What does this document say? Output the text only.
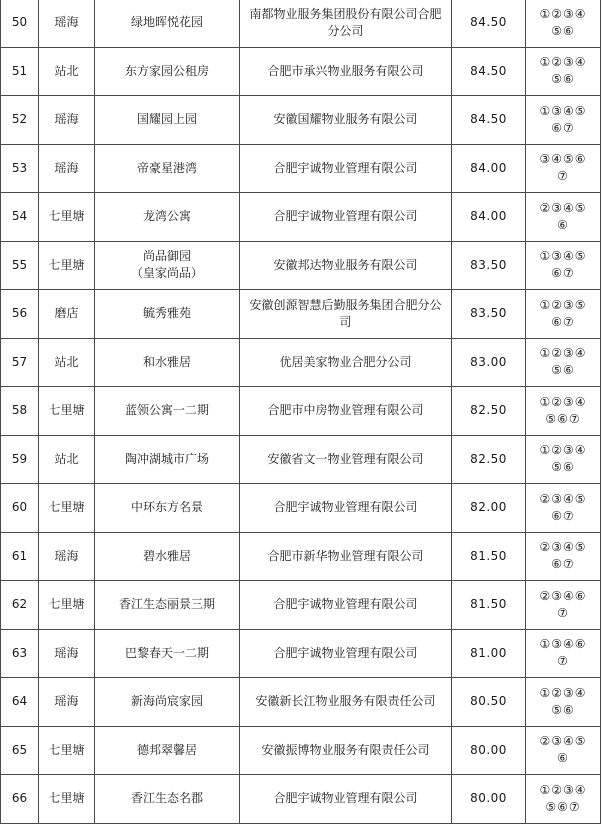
50	瑶海	绿地晖悦花园	南都物业服务集团股份有限公司合肥
分公司	84.50	①②③④
⑤⑥

51	站北	东方家园公租房	合肥市承兴物业服务有限公司	84.50	①②③④
⑤⑥

52	瑶海	国耀园上园	安徽国耀物业服务有限公司	84.50	①③④⑤
⑥⑦

53	瑶海	帝豪星港湾	合肥宇诚物业管理有限公司	84.00	③④⑤⑥
⑦

54	七里塘	龙湾公寓	合肥宇诚物业管理有限公司	84.00	②③④⑤
⑥

55	七里塘	尚品御园
（皇家尚品）	安徽邦达物业服务有限公司	83.50	①③④⑤
⑥⑦

56	磨店	毓秀雅苑	安徽创源智慧后勤服务集团合肥分公
司	83.50	①②③⑤
⑥⑦

57	站北	和水雅居	优居美家物业合肥分公司	83.00	①②③④
⑤⑥

58	七里塘	蓝领公寓一二期	合肥市中房物业管理有限公司	82.50	①②③④
⑤⑥⑦

59	站北	陶冲湖城市广场	安徽省文一物业管理有限公司	82.50	①②③④
⑤⑥

60	七里塘	中环东方名景	合肥宇诚物业管理有限公司	82.00	②③④⑤
⑥⑦

61	瑶海	碧水雅居	合肥市新华物业管理有限公司	81.50	②③④⑤
⑥⑦

62	七里塘	香江生态丽景三期	合肥宇诚物业管理有限公司	81.50	②③④⑥
⑦

63	瑶海	巴黎春天一二期	合肥宇诚物业管理有限公司	81.00	①③④⑥
⑦

64	瑶海	新海尚宸家园	安徽新长江物业服务有限责任公司	80.50	①②③④
⑤⑥

65	七里塘	德邦翠馨居	安徽振博物业服务有限责任公司	80.00	②③④⑤
⑥

66	七里塘	香江生态名郡	合肥宇诚物业管理有限公司	80.00	①②③④
⑤⑥⑦
